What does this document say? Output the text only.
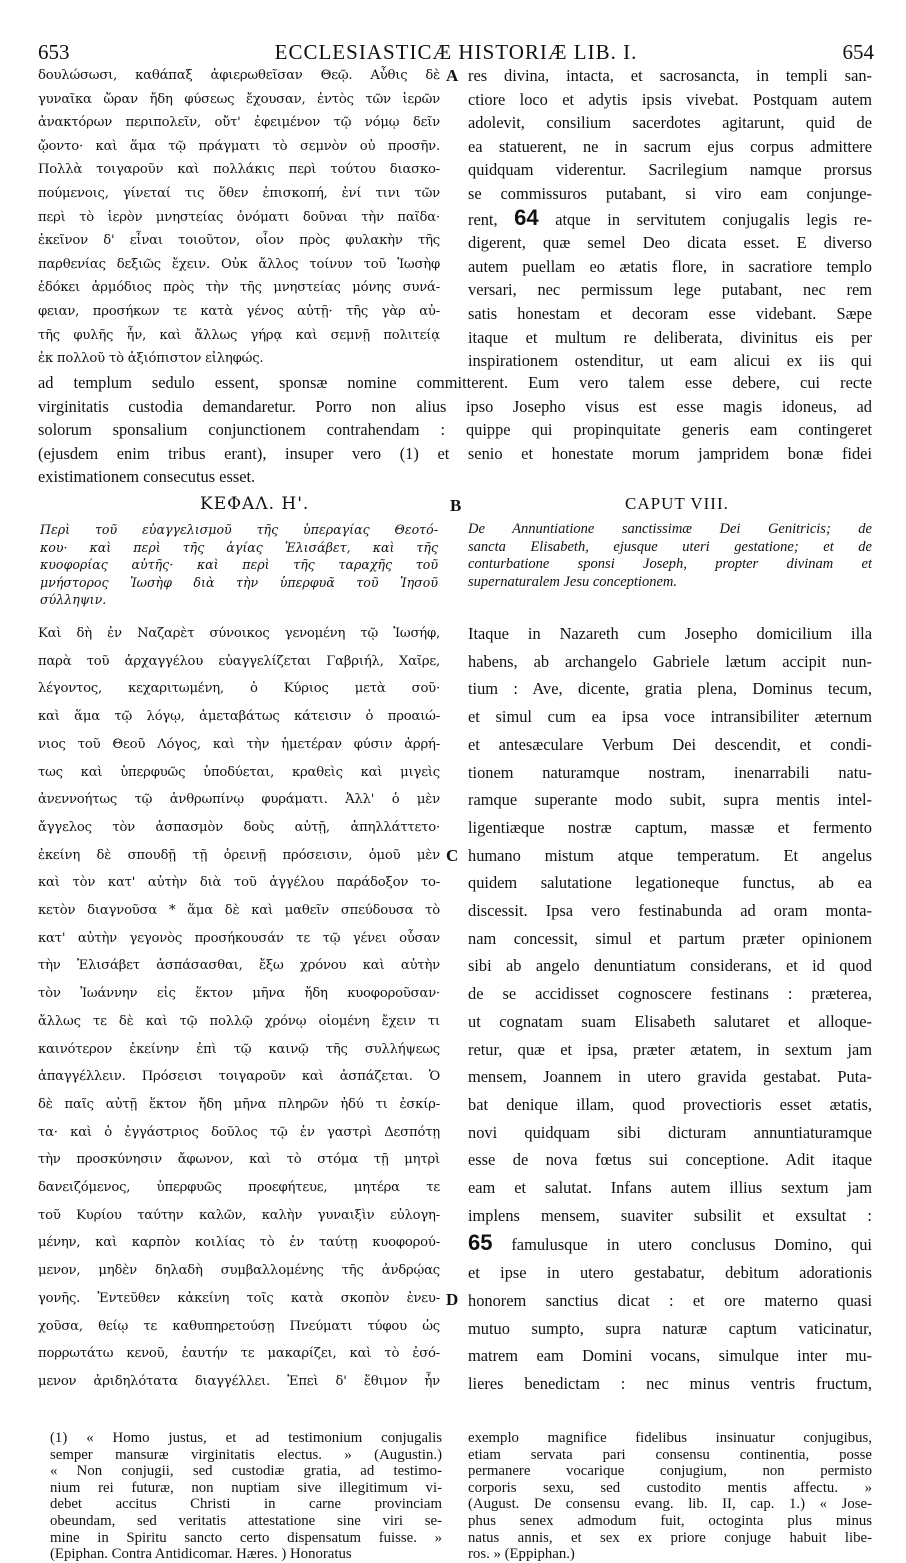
653	ECCLESIASTICÆ HISTORIÆ LIB. I.	654
δουλώσωσι, καθάπαξ ἀφιερωθεῖσαν Θεῷ. Αὖθις δὲ
γυναῖκα ὥραν ἤδη φύσεως ἔχουσαν, ἐντὸς τῶν ἱερῶν
ἀνακτόρων περιπολεῖν, οὔτ' ἐφειμένον τῷ νόμῳ δεῖν
ᾤοντο· καὶ ἅμα τῷ πράγματι τὸ σεμνὸν οὐ προσῆν.
Πολλὰ τοιγαροῦν καὶ πολλάκις περὶ τούτου διασκο-
πούμενοις, γίνεταί τις ὅθεν ἐπισκοπή, ἐνί τινι τῶν
περὶ τὸ ἱερὸν μνηστείας ὀνόματι δοῦναι τὴν παῖδα·
ἐκεῖνον δ' εἶναι τοιοῦτον, οἷον πρὸς φυλακὴν τῆς
παρθενίας δεξιῶς ἔχειν. Οὐκ ἄλλος τοίνυν τοῦ Ἰωσὴφ
ἐδόκει ἁρμόδιος πρὸς τὴν τῆς μνηστείας μόνης συνά-
φειαν, προσήκων τε κατὰ γένος αὐτῇ· τῆς γὰρ αὐ-
τῆς φυλῆς ἦν, καὶ ἄλλως γήρᾳ καὶ σεμνῇ πολιτείᾳ
ἐκ πολλοῦ τὸ ἀξιόπιστον εἰληφώς.
res divina, intacta, et sacrosancta, in templi san-
ctiore loco et adytis ipsis vivebat. Postquam autem
adolevit, consilium sacerdotes agitarunt, quid de
ea statuerent, ne in sacrum ejus corpus admittere
quidquam viderentur. Sacrilegium namque prorsus
se commissuros putabant, si viro eam conjunge-
rent, 64 atque in servitutem conjugalis legis re-
digerent, quæ semel Deo dicata esset. E diverso
autem puellam eo ætatis flore, in sacratiore templo
versari, nec permissum lege putabant, nec rem
satis honestam et decoram esse videbant. Sæpe
itaque et multum re deliberata, divinitus eis per
inspirationem ostenditur, ut eam alicui ex iis qui
A
ad templum sedulo essent, sponsæ nomine committerent. Eum vero talem esse debere, cui recte
virginitatis custodia demandaretur. Porro non alius ipso Josepho visus est esse magis idoneus, ad
solorum sponsalium conjunctionem contrahendam : quippe qui propinquitate generis eam contingeret
(ejusdem enim tribus erant), insuper vero (1) et senio et honestate morum jampridem bonæ fidei
existimationem consecutus esset.
ΚΕΦΑΛ. Η'.	B	CAPUT VIII.
Περὶ τοῦ εὐαγγελισμοῦ τῆς ὑπεραγίας Θεοτό-
κου· καὶ περὶ τῆς ἁγίας Ἐλισάβετ, καὶ τῆς
κυοφορίας αὐτῆς· καὶ περὶ τῆς ταραχῆς τοῦ
μνήστορος Ἰωσὴφ διὰ τὴν ὑπερφυᾶ τοῦ Ἰησοῦ
σύλληψιν.
De Annuntiatione sanctissimæ Dei Genitricis; de
sancta Elisabeth, ejusque uteri gestatione; et de
conturbatione sponsi Joseph, propter divinam et
supernaturalem Jesu conceptionem.
Καὶ δὴ ἐν Ναζαρὲτ σύνοικος γενομένη τῷ Ἰωσήφ,
παρὰ τοῦ ἀρχαγγέλου εὐαγγελίζεται Γαβριήλ, Χαῖρε,
λέγοντος, κεχαριτωμένη, ὁ Κύριος μετὰ σοῦ·
καὶ ἅμα τῷ λόγῳ, ἀμεταβάτως κάτεισιν ὁ προαιώ-
νιος τοῦ Θεοῦ Λόγος, καὶ τὴν ἡμετέραν φύσιν ἀρρή-
τως καὶ ὑπερφυῶς ὑποδύεται, κραθεὶς καὶ μιγεὶς
ἀνεννοήτως τῷ ἀνθρωπίνῳ φυράματι. Ἀλλ' ὁ μὲν
ἄγγελος τὸν ἀσπασμὸν δοὺς αὐτῇ, ἀπηλλάττετο·
ἐκείνη δὲ σπουδῇ τῇ ὀρεινῇ πρόσεισιν, ὁμοῦ μὲν
καὶ τὸν κατ' αὐτὴν διὰ τοῦ ἀγγέλου παράδοξον το-
κετὸν διαγνοῦσα * ἅμα δὲ καὶ μαθεῖν σπεύδουσα τὸ
κατ' αὐτὴν γεγονὸς προσήκουσάν τε τῷ γένει οὖσαν
τὴν Ἐλισάβετ ἀσπάσασθαι, ἔξω χρόνου καὶ αὐτὴν
τὸν Ἰωάννην εἰς ἕκτον μῆνα ἤδη κυοφοροῦσαν·
ἄλλως τε δὲ καὶ τῷ πολλῷ χρόνῳ οἰομένη ἔχειν τι
καινότερον ἐκείνην ἐπὶ τῷ καινῷ τῆς συλλήψεως
ἀπαγγέλλειν. Πρόσεισι τοιγαροῦν καὶ ἀσπάζεται. Ὁ
δὲ παῖς αὐτῇ ἕκτον ἤδη μῆνα πληρῶν ἠδύ τι ἐσκίρ-
τα· καὶ ὁ ἐγγάστριος δοῦλος τῷ ἐν γαστρὶ Δεσπότῃ
τὴν προσκύνησιν ἄφωνον, καὶ τὸ στόμα τῇ μητρὶ
δανειζόμενος, ὑπερφυῶς προεφήτευε, μητέρα τε
τοῦ Κυρίου ταύτην καλῶν, καλὴν γυναιξὶν εὐλογη-
μένην, καὶ καρπὸν κοιλίας τὸ ἐν ταύτῃ κυοφορού-
μενον, μηδὲν δηλαδὴ συμβαλλομένης τῆς ἀνδρῴας
γονῆς. Ἐντεῦθεν κἀκείνη τοῖς κατὰ σκοπὸν ἐνευ-
χοῦσα, θείῳ τε καθυπηρετούσῃ Πνεύματι τύφου ὡς
πορρωτάτω κενοῦ, ἑαυτήν τε μακαρίζει, καὶ τὸ ἐσό-
μενον ἀριδηλότατα διαγγέλλει. Ἐπεὶ δ' ἔθιμον ἦν
Itaque in Nazareth cum Josepho domicilium illa
habens, ab archangelo Gabriele lætum accipit nun-
tium : Ave, dicente, gratia plena, Dominus tecum,
et simul cum ea ipsa voce intransibiliter æternum
et antesæculare Verbum Dei descendit, et condi-
tionem naturamque nostram, inenarrabili natu-
ramque superante modo subit, supra mentis intel-
ligentiæque nostræ captum, massæ et fermento
humano mistum atque temperatum. Et angelus
quidem salutatione legationeque functus, ab ea
discessit. Ipsa vero festinabunda ad oram monta-
nam concessit, simul et partum præter opinionem
sibi ab angelo denuntiatum considerans, et id quod
de se accidisset cognoscere festinans : præterea,
ut cognatam suam Elisabeth salutaret et alloque-
retur, quæ et ipsa, præter ætatem, in sextum jam
mensem, Joannem in utero gravida gestabat. Puta-
bat denique illam, quod provectioris esset ætatis,
novi quidquam sibi dicturam annuntiaturamque
esse de nova fœtus sui conceptione. Adit itaque
eam et salutat. Infans autem illius sextum jam
implens mensem, suaviter subsilit et exsultat :
65 famulusque in utero conclusus Domino, qui
et ipse in utero gestabatur, debitum adorationis
honorem sanctius dicat : et ore materno quasi
mutuo sumpto, supra naturæ captum vaticinatur,
matrem eam Domini vocans, simulque inter mu-
lieres benedictam : nec minus ventris fructum,
C
D
(1) « Homo justus, et ad testimonium conjugalis
semper mansuræ virginitatis electus. » (Augustin.)
« Non conjugii, sed custodiæ gratia, ad testimo-
nium rei futuræ, non nuptiam sive illegitimum vi-
debet accitus Christi in carne provinciam
obeundam, sed veritatis attestatione sine viri se-
mine in Spiritu sancto certo dispensatum fuisse. »
(Epiphan. Contra Antidicomar. Hæres. ) Honoratus
exemplo magnifice fidelibus insinuatur conjugibus,
etiam servata pari consensu continentia, posse
permanere vocarique conjugium, non permisto
corporis sexu, sed custodito mentis affectu. »
(August. De consensu evang. lib. II, cap. 1.) « Jose-
phus senex admodum fuit, octoginta plus minus
natus annis, et sex ex priore conjuge habuit libe-
ros. » (Eppiphan.)
